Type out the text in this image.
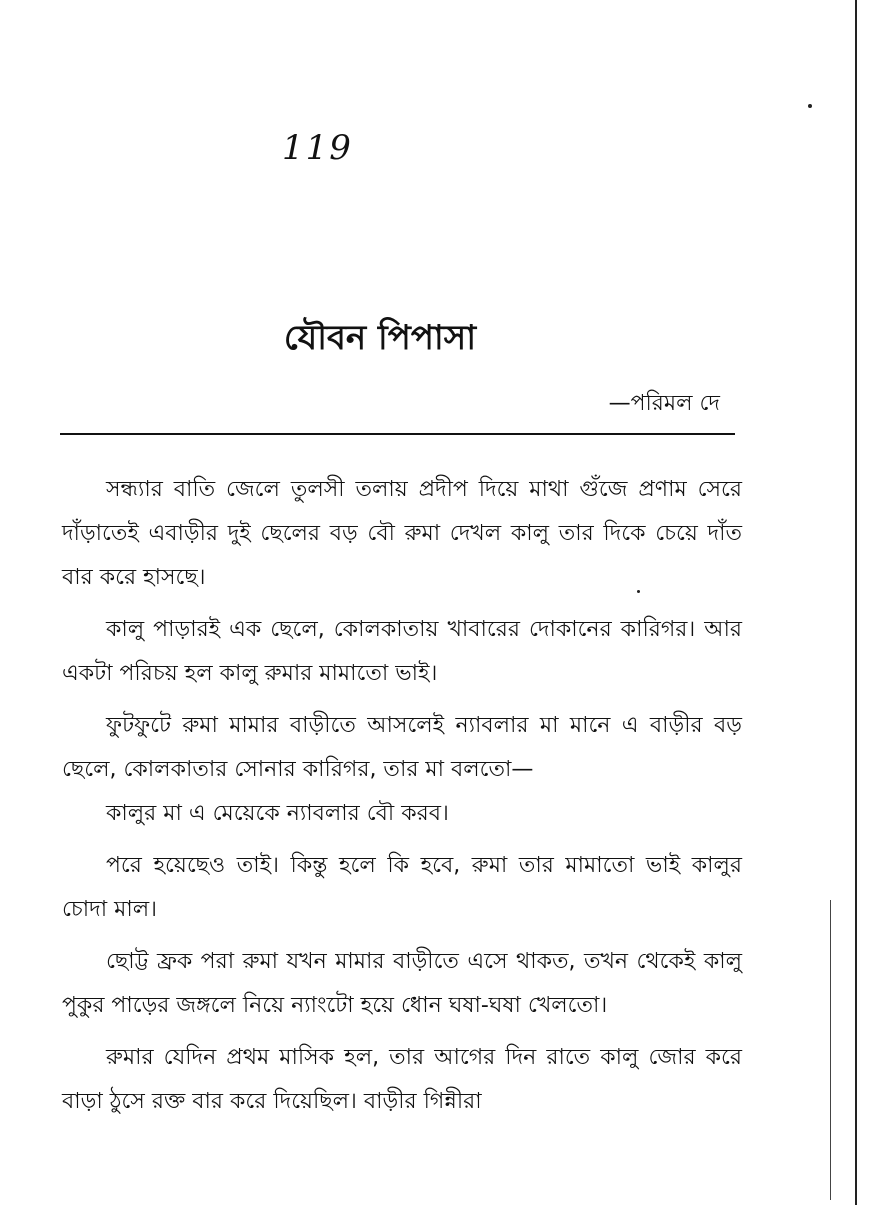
119
যৌবন পিপাসা
—পরিমল দে

সন্ধ্যার বাতি জেলে তুলসী তলায় প্রদীপ দিয়ে মাথা গুঁজে প্রণাম সেরে দাঁড়াতেই এবাড়ীর দুই ছেলের বড় বৌ রুমা দেখল কালু তার দিকে চেয়ে দাঁত বার করে হাসছে।

কালু পাড়ারই এক ছেলে, কোলকাতায় খাবারের দোকানের কারিগর। আর একটা পরিচয় হল কালু রুমার মামাতো ভাই।

ফুটফুটে রুমা মামার বাড়ীতে আসলেই ন্যাবলার মা মানে এ বাড়ীর বড় ছেলে, কোলকাতার সোনার কারিগর, তার মা বলতো—

কালুর মা এ মেয়েকে ন্যাবলার বৌ করব।

পরে হয়েছেও তাই। কিন্তু হলে কি হবে, রুমা তার মামাতো ভাই কালুর চোদা মাল।

ছোট্ট ফ্রক পরা রুমা যখন মামার বাড়ীতে এসে থাকত, তখন থেকেই কালু পুকুর পাড়ের জঙ্গলে নিয়ে ন্যাংটো হয়ে ধোন ঘষা-ঘষা খেলতো।

রুমার যেদিন প্রথম মাসিক হল, তার আগের দিন রাতে কালু জোর করে বাড়া ঠুসে রক্ত বার করে দিয়েছিল। বাড়ীর গিন্নীরা
